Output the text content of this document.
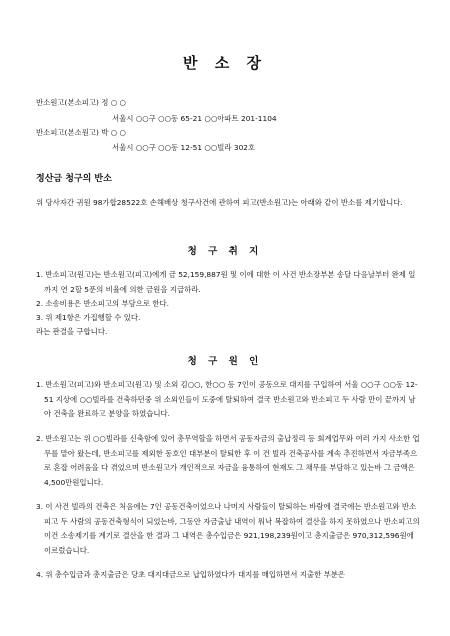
반 소 장
반소원고(본소피고) 정 ○ ○
서울시 ○○구 ○○동 65-21 ○○아파트 201-1104
반소피고(본소원고) 박 ○ ○
서울시 ○○구 ○○동 12-51 ○○빌라 302호
정산금 청구의 반소
위 당사자간 귀원 98가합28522호 손해배상 청구사건에 관하여 피고(반소원고)는 아래와 같이 반소를 제기합니다.
청 구 취 지
1. 반소피고(원고)는 반소원고(피고)에게 금 52,159,887원 및 이에 대한 이 사건 반소장부본 송달 다음날부터 완제 일까지 연 2할 5푼의 비율에 의한 금원을 지급하라.
2. 소송비용은 반소피고의 부담으로 한다.
3. 위 제1항은 가집행할 수 있다.
라는 판결을 구합니다.
청 구 원 인
1. 반소원고(피고)와 반소피고(원고) 및 소외 김○○, 한○○ 등 7인이 공동으로 대지를 구입하여 서울 ○○구 ○○동 12-51 지상에 ○○빌라를 건축하던중 위 소외인들이 도중에 탈퇴하여 결국 반소원고와 반소피고 두 사람 만이 끝까지 남아 건축을 완료하고 분양을 하였습니다.
2. 반소원고는 위 ○○빌라를 신축함에 있어 총무역할을 하면서 공동자금의 출납정리 등 회계업무와 여러 가지 사소한 업무를 맡아 왔는데, 반소피고를 제외한 동호인 대부분이 탈퇴한 후 이 건 빌라 건축공사를 계속 추진하면서 자금부족으로 혼잡 어려움을 다 겪었으며 반소원고가 개인적으로 자금을 융통하여 현재도 그 채무를 부담하고 있는바 그 금액은 4,500만원입니다.
3. 이 사건 빌라의 건축은 처음에는 7인 공동건축이었으나 나머지 사람들이 탈퇴하는 바람에 결국에는 반소원고와 반소피고 두 사람의 공동건축형식이 되었는바, 그동안 자금출납 내역이 워낙 복잡하여 결산을 하지 못하였으나 반소피고의 이건 소송제기를 계기로 결산을 한 결과 그 내역은 총수입금은 921,198,239원이고 총지출금은 970,312,596원에 이르렀습니다.
4. 위 총수입금과 총지출금은 당초 대지대금으로 납입하였다가 대지를 매입하면서 지출한 부분은
